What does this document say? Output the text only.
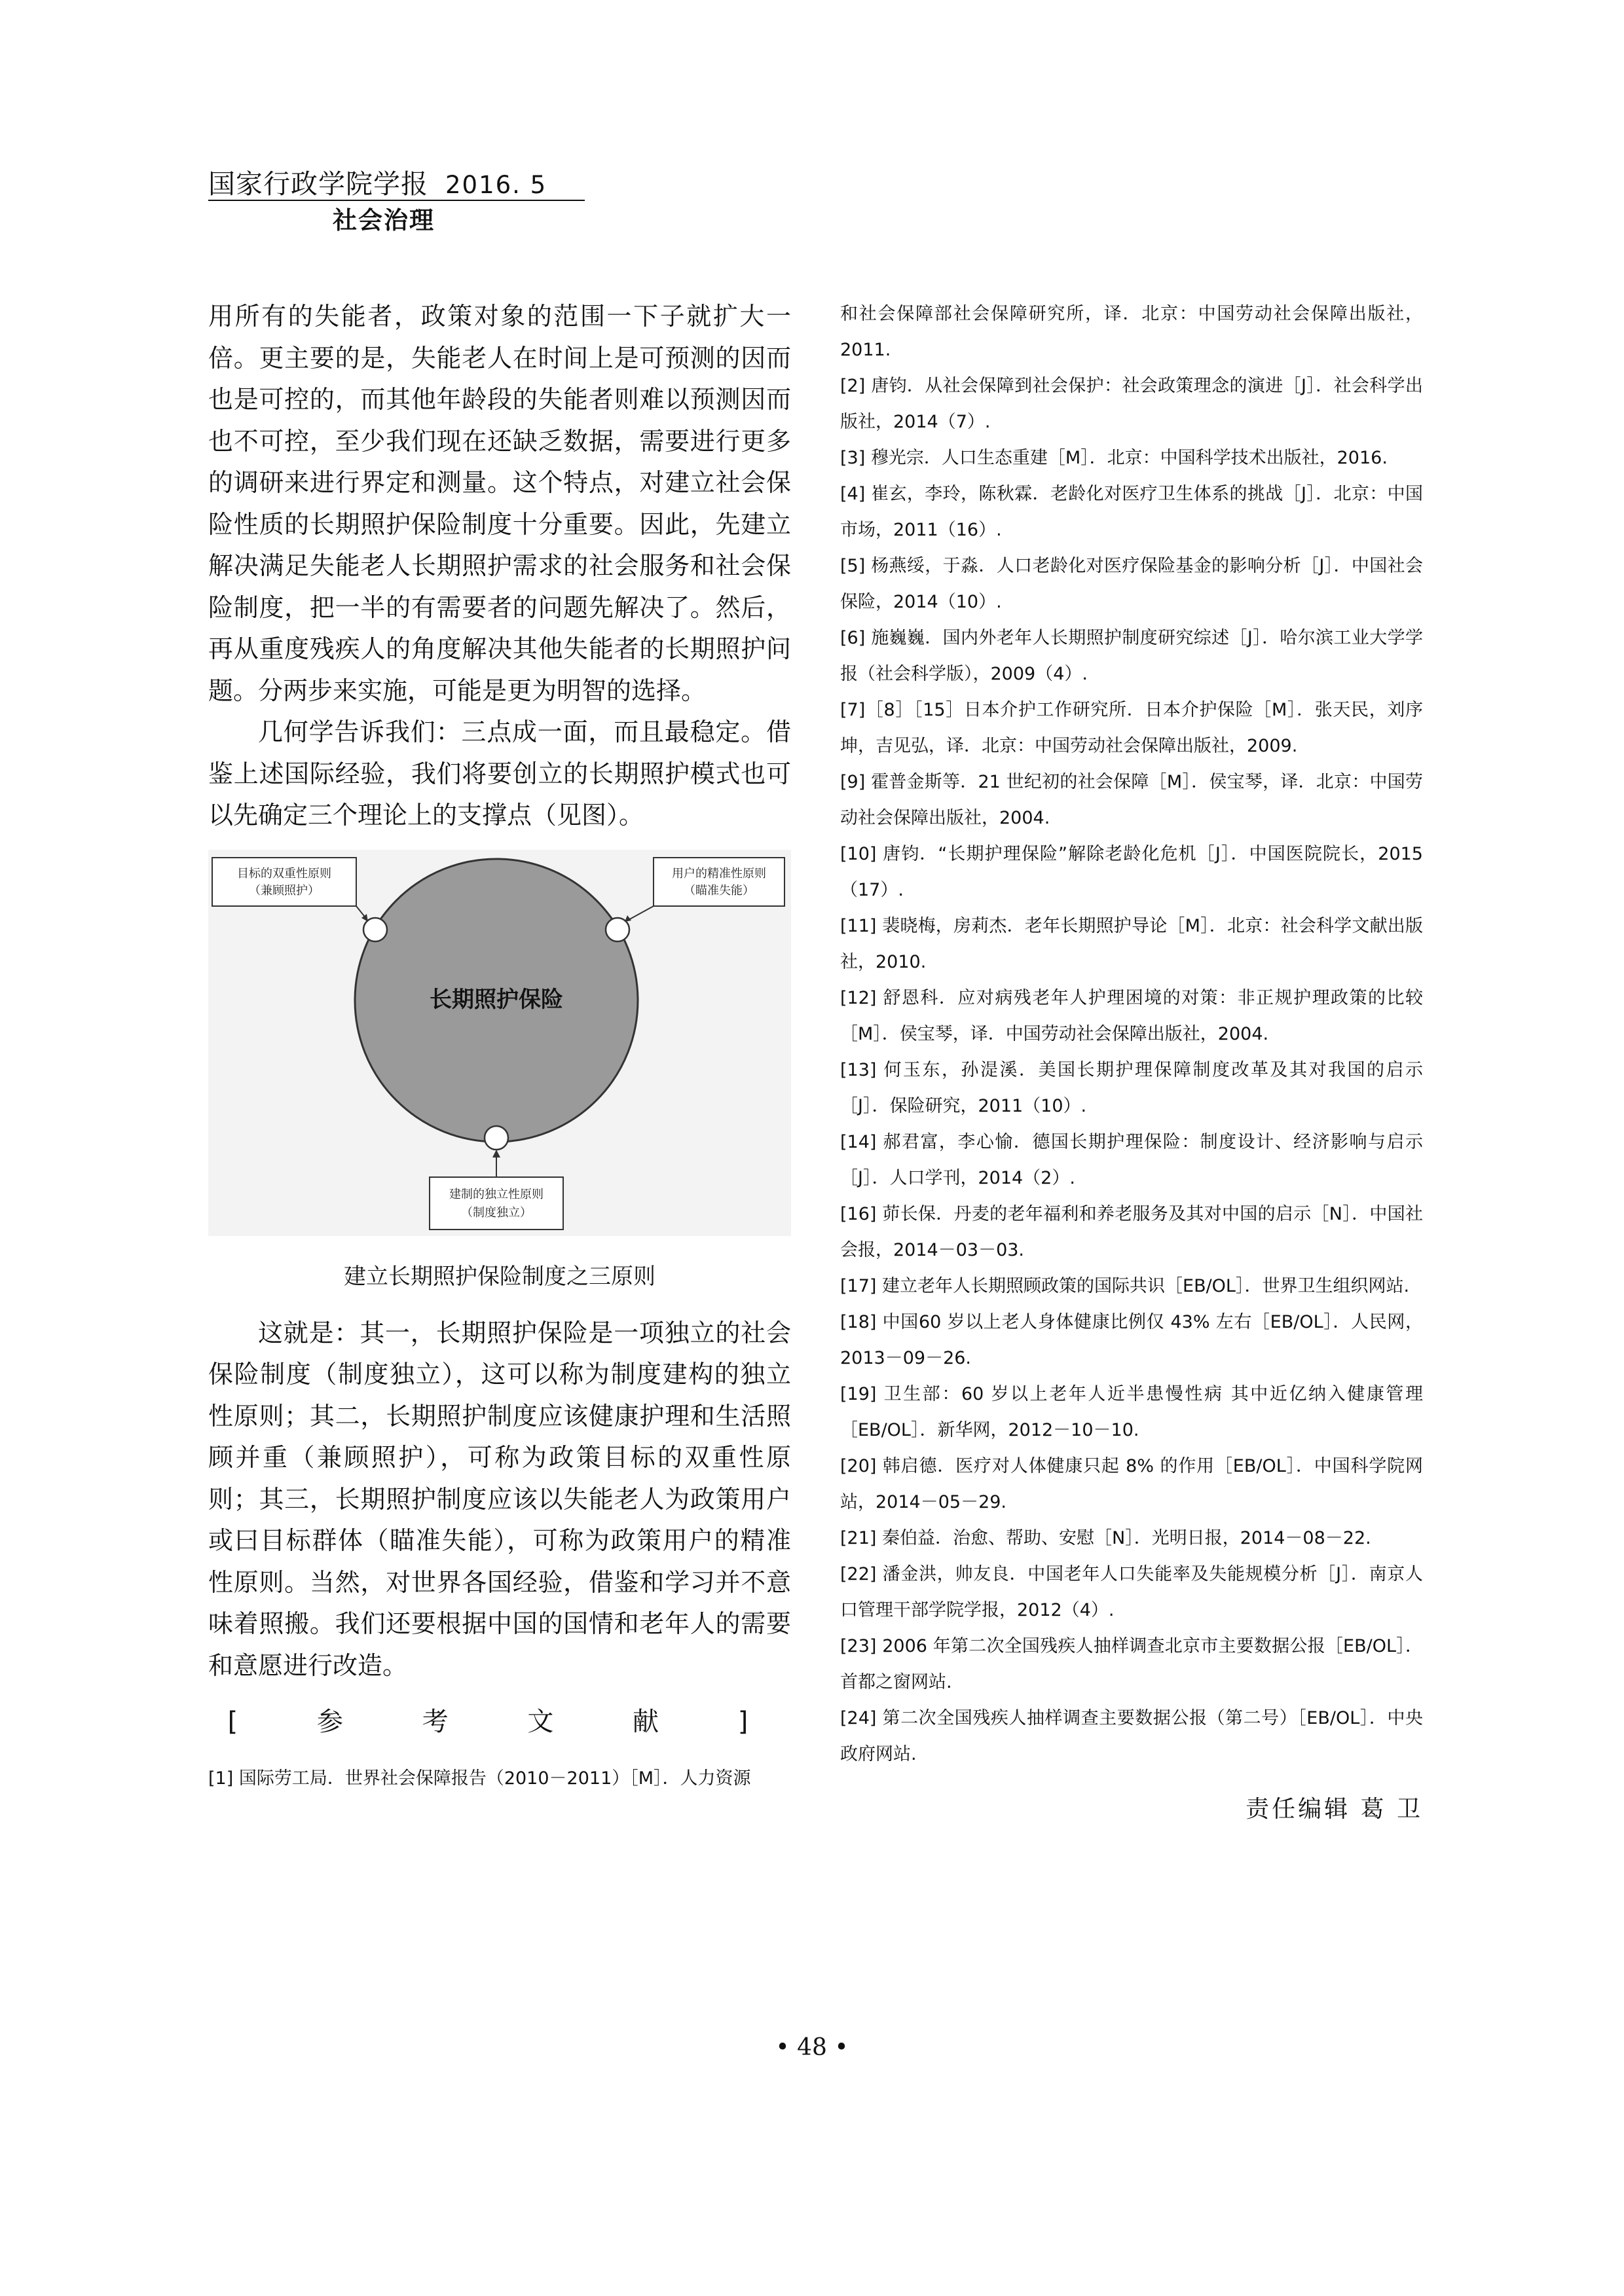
国家行政学院学报 2016. 5
社会治理

用所有的失能者，政策对象的范围一下子就扩大一倍。更主要的是，失能老人在时间上是可预测的因而也是可控的，而其他年龄段的失能者则难以预测因而也不可控，至少我们现在还缺乏数据，需要进行更多的调研来进行界定和测量。这个特点，对建立社会保险性质的长期照护保险制度十分重要。因此，先建立解决满足失能老人长期照护需求的社会服务和社会保险制度，把一半的有需要者的问题先解决了。然后，再从重度残疾人的角度解决其他失能者的长期照护问题。分两步来实施，可能是更为明智的选择。

几何学告诉我们：三点成一面，而且最稳定。借鉴上述国际经验，我们将要创立的长期照护模式也可以先确定三个理论上的支撑点（见图）。

目标的双重性原则
（兼顾照护）
用户的精准性原则
（瞄准失能）
长期照护保险
建制的独立性原则
（制度独立）
建立长期照护保险制度之三原则

这就是：其一，长期照护保险是一项独立的社会保险制度（制度独立），这可以称为制度建构的独立性原则；其二，长期照护制度应该健康护理和生活照顾并重（兼顾照护），可称为政策目标的双重性原则；其三，长期照护制度应该以失能老人为政策用户或曰目标群体（瞄准失能），可称为政策用户的精准性原则。当然，对世界各国经验，借鉴和学习并不意味着照搬。我们还要根据中国的国情和老年人的需要和意愿进行改造。

[ 参 考 文 献 ]

[1] 国际劳工局．世界社会保障报告（2010－2011）［M］．人力资源

和社会保障部社会保障研究所，译．北京：中国劳动社会保障出版社，2011.

[2] 唐钧．从社会保障到社会保护：社会政策理念的演进［J］．社会科学出版社，2014（7）.

[3] 穆光宗．人口生态重建［M］．北京：中国科学技术出版社，2016.

[4] 崔玄，李玲，陈秋霖．老龄化对医疗卫生体系的挑战［J］．北京：中国市场，2011（16）.

[5] 杨燕绥，于淼．人口老龄化对医疗保险基金的影响分析［J］．中国社会保险，2014（10）.

[6] 施巍巍．国内外老年人长期照护制度研究综述［J］．哈尔滨工业大学学报（社会科学版），2009（4）.

[7]［8］［15］日本介护工作研究所．日本介护保险［M］．张天民，刘序坤，吉见弘，译．北京：中国劳动社会保障出版社，2009.

[9] 霍普金斯等．21 世纪初的社会保障［M］．侯宝琴，译．北京：中国劳动社会保障出版社，2004.

[10] 唐钧．“长期护理保险”解除老龄化危机［J］．中国医院院长，2015（17）.

[11] 裴晓梅，房莉杰．老年长期照护导论［M］．北京：社会科学文献出版社，2010.

[12] 舒恩科．应对病残老年人护理困境的对策：非正规护理政策的比较［M］．侯宝琴，译．中国劳动社会保障出版社，2004.

[13] 何玉东，孙湜溪．美国长期护理保障制度改革及其对我国的启示［J］．保险研究，2011（10）.

[14] 郝君富，李心愉．德国长期护理保险：制度设计、经济影响与启示［J］．人口学刊，2014（2）.

[16] 茆长保．丹麦的老年福利和养老服务及其对中国的启示［N］．中国社会报，2014－03－03.

[17] 建立老年人长期照顾政策的国际共识［EB/OL］．世界卫生组织网站.

[18] 中国60 岁以上老人身体健康比例仅 43% 左右［EB/OL］．人民网，2013－09－26.

[19] 卫生部：60 岁以上老年人近半患慢性病 其中近亿纳入健康管理［EB/OL］．新华网，2012－10－10.

[20] 韩启德．医疗对人体健康只起 8% 的作用［EB/OL］．中国科学院网站，2014－05－29.

[21] 秦伯益．治愈、帮助、安慰［N］．光明日报，2014－08－22.

[22] 潘金洪，帅友良．中国老年人口失能率及失能规模分析［J］．南京人口管理干部学院学报，2012（4）.

[23] 2006 年第二次全国残疾人抽样调查北京市主要数据公报［EB/OL］．首都之窗网站.

[24] 第二次全国残疾人抽样调查主要数据公报（第二号）［EB/OL］．中央政府网站.

责任编辑 葛 卫
• 48 •
